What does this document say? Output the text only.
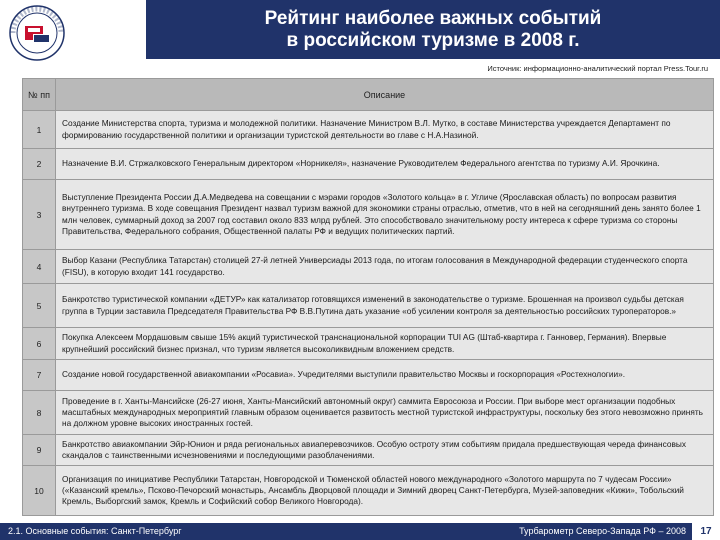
Рейтинг наиболее важных событий
в российском туризме в 2008 г.
Источник: информационно-аналитический портал Press.Tour.ru
№ пп	Описание
1	Создание Министерства спорта, туризма и молодежной политики. Назначение Министром В.Л. Мутко, в составе Министерства учреждается Департамент по формированию государственной политики и организации туристской деятельности во главе с Н.А.Назиной.
2	Назначение В.И. Стржалковского Генеральным директором «Норникеля», назначение Руководителем Федерального агентства по туризму А.И. Ярочкина.
3	Выступление Президента России Д.А.Медведева на совещании с мэрами городов «Золотого кольца» в г. Угличе (Ярославская область) по вопросам развития внутреннего туризма. В ходе совещания Президент назвал туризм важной для экономики страны отраслью, отметив, что в ней на сегодняшний день занято более 1 млн человек, суммарный доход за 2007 год составил около 833 млрд рублей. Это способствовало значительному росту интереса к сфере туризма со стороны Правительства, Федерального собрания, Общественной палаты РФ и ведущих политических партий.
4	Выбор Казани (Республика Татарстан) столицей 27-й летней Универсиады 2013 года, по итогам голосования в Международной федерации студенческого спорта (FISU), в которую входит 141 государство.
5	Банкротство туристической компании «ДЕТУР» как катализатор готовящихся изменений в законодательстве о туризме. Брошенная на произвол судьбы детская группа в Турции заставила Председателя Правительства РФ В.В.Путина дать указание «об усилении контроля за деятельностью российских туроператоров.»
6	Покупка Алексеем Мордашовым свыше 15% акций туристической транснациональной корпорации TUI AG (Штаб-квартира г. Ганновер, Германия). Впервые крупнейший российский бизнес признал, что туризм является высоколиквидным вложением средств.
7	Создание новой государственной авиакомпании «Росавиа». Учредителями выступили правительство Москвы и госкорпорация «Ростехнологии».
8	Проведение в г. Ханты-Мансийске (26-27 июня, Ханты-Мансийский автономный округ) саммита Евросоюза и России. При выборе мест организации подобных масштабных международных мероприятий главным образом оценивается развитость местной туристской инфраструктуры, поскольку без этого невозможно принять на должном уровне высоких иностранных гостей.
9	Банкротство авиакомпании Эйр-Юнион и ряда региональных авиаперевозчиков. Особую остроту этим событиям придала предшествующая череда финансовых скандалов с таинственными исчезновениями и последующими разоблачениями.
10	Организация по инициативе Республики Татарстан, Новгородской и Тюменской областей нового международного «Золотого маршрута по 7 чудесам России» («Казанский кремль», Псково-Печорский монастырь, Ансамбль Дворцовой площади и Зимний дворец Санкт-Петербурга, Музей-заповедник «Кижи», Тобольский Кремль, Выборгский замок, Кремль и Софийский собор Великого Новгорода).
2.1. Основные события: Санкт-Петербург	Турбарометр Северо-Запада РФ – 2008	17
